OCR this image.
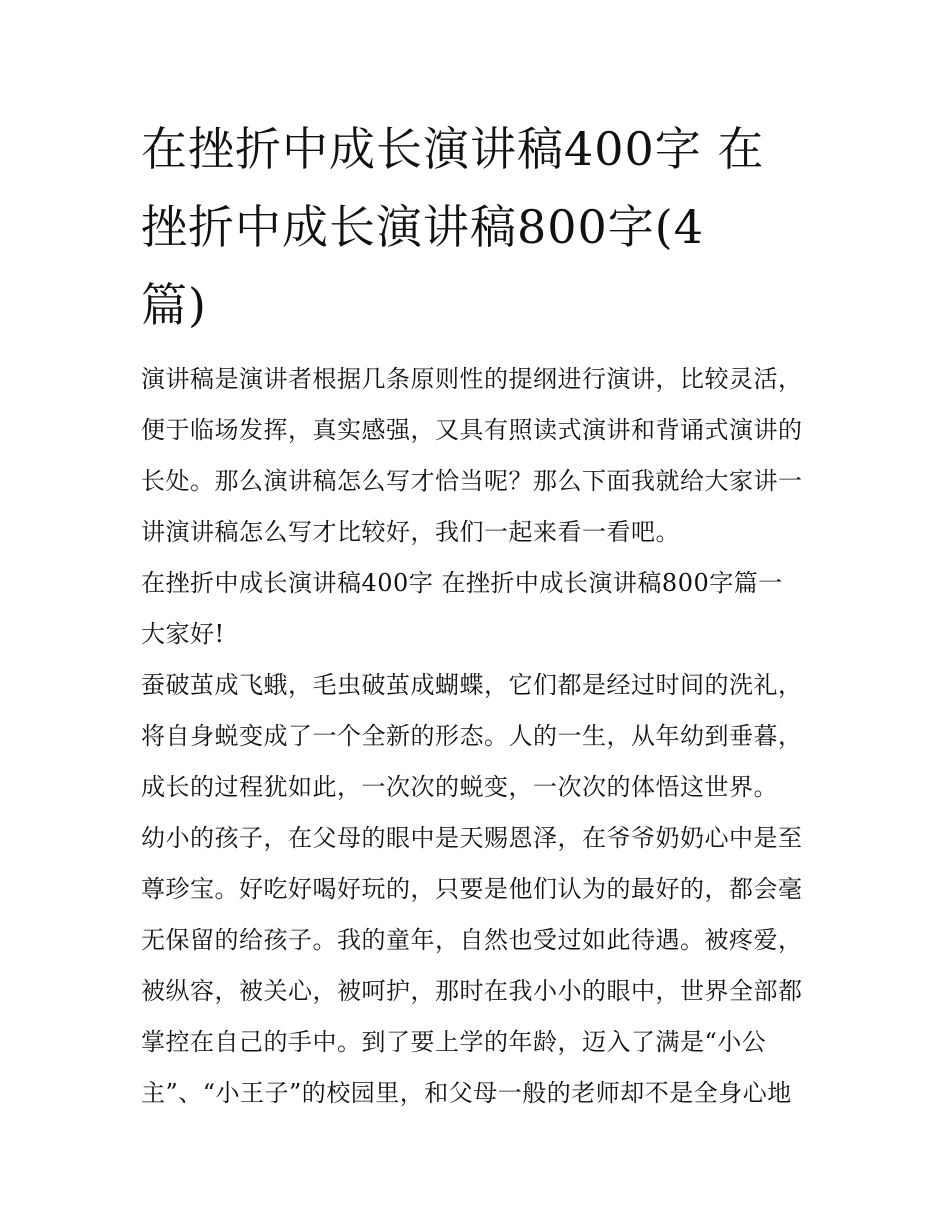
在挫折中成长演讲稿400字 在
挫折中成长演讲稿800字(4
篇)
演讲稿是演讲者根据几条原则性的提纲进行演讲，比较灵活，
便于临场发挥，真实感强，又具有照读式演讲和背诵式演讲的
长处。那么演讲稿怎么写才恰当呢？那么下面我就给大家讲一
讲演讲稿怎么写才比较好，我们一起来看一看吧。
在挫折中成长演讲稿400字 在挫折中成长演讲稿800字篇一
大家好!
蚕破茧成飞蛾，毛虫破茧成蝴蝶，它们都是经过时间的洗礼，
将自身蜕变成了一个全新的形态。人的一生，从年幼到垂暮，
成长的过程犹如此，一次次的蜕变，一次次的体悟这世界。
幼小的孩子，在父母的眼中是天赐恩泽，在爷爷奶奶心中是至
尊珍宝。好吃好喝好玩的，只要是他们认为的最好的，都会毫
无保留的给孩子。我的童年，自然也受过如此待遇。被疼爱，
被纵容，被关心，被呵护，那时在我小小的眼中，世界全部都
掌控在自己的手中。到了要上学的年龄，迈入了满是“小公
主”、“小王子”的校园里，和父母一般的老师却不是全身心地
